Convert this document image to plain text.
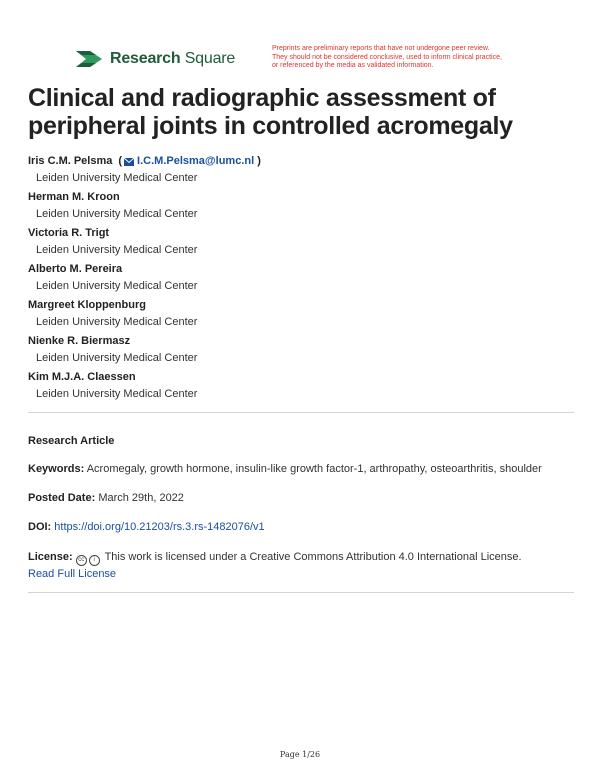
Research Square
Preprints are preliminary reports that have not undergone peer review.
They should not be considered conclusive, used to inform clinical practice,
or referenced by the media as validated information.
Clinical and radiographic assessment of peripheral joints in controlled acromegaly
Iris C.M. Pelsma ( I.C.M.Pelsma@lumc.nl )
Leiden University Medical Center
Herman M. Kroon
Leiden University Medical Center
Victoria R. Trigt
Leiden University Medical Center
Alberto M. Pereira
Leiden University Medical Center
Margreet Kloppenburg
Leiden University Medical Center
Nienke R. Biermasz
Leiden University Medical Center
Kim M.J.A. Claessen
Leiden University Medical Center
Research Article
Keywords: Acromegaly, growth hormone, insulin-like growth factor-1, arthropathy, osteoarthritis, shoulder
Posted Date: March 29th, 2022
DOI: https://doi.org/10.21203/rs.3.rs-1482076/v1
License: cc i This work is licensed under a Creative Commons Attribution 4.0 International License.
Read Full License
Page 1/26
